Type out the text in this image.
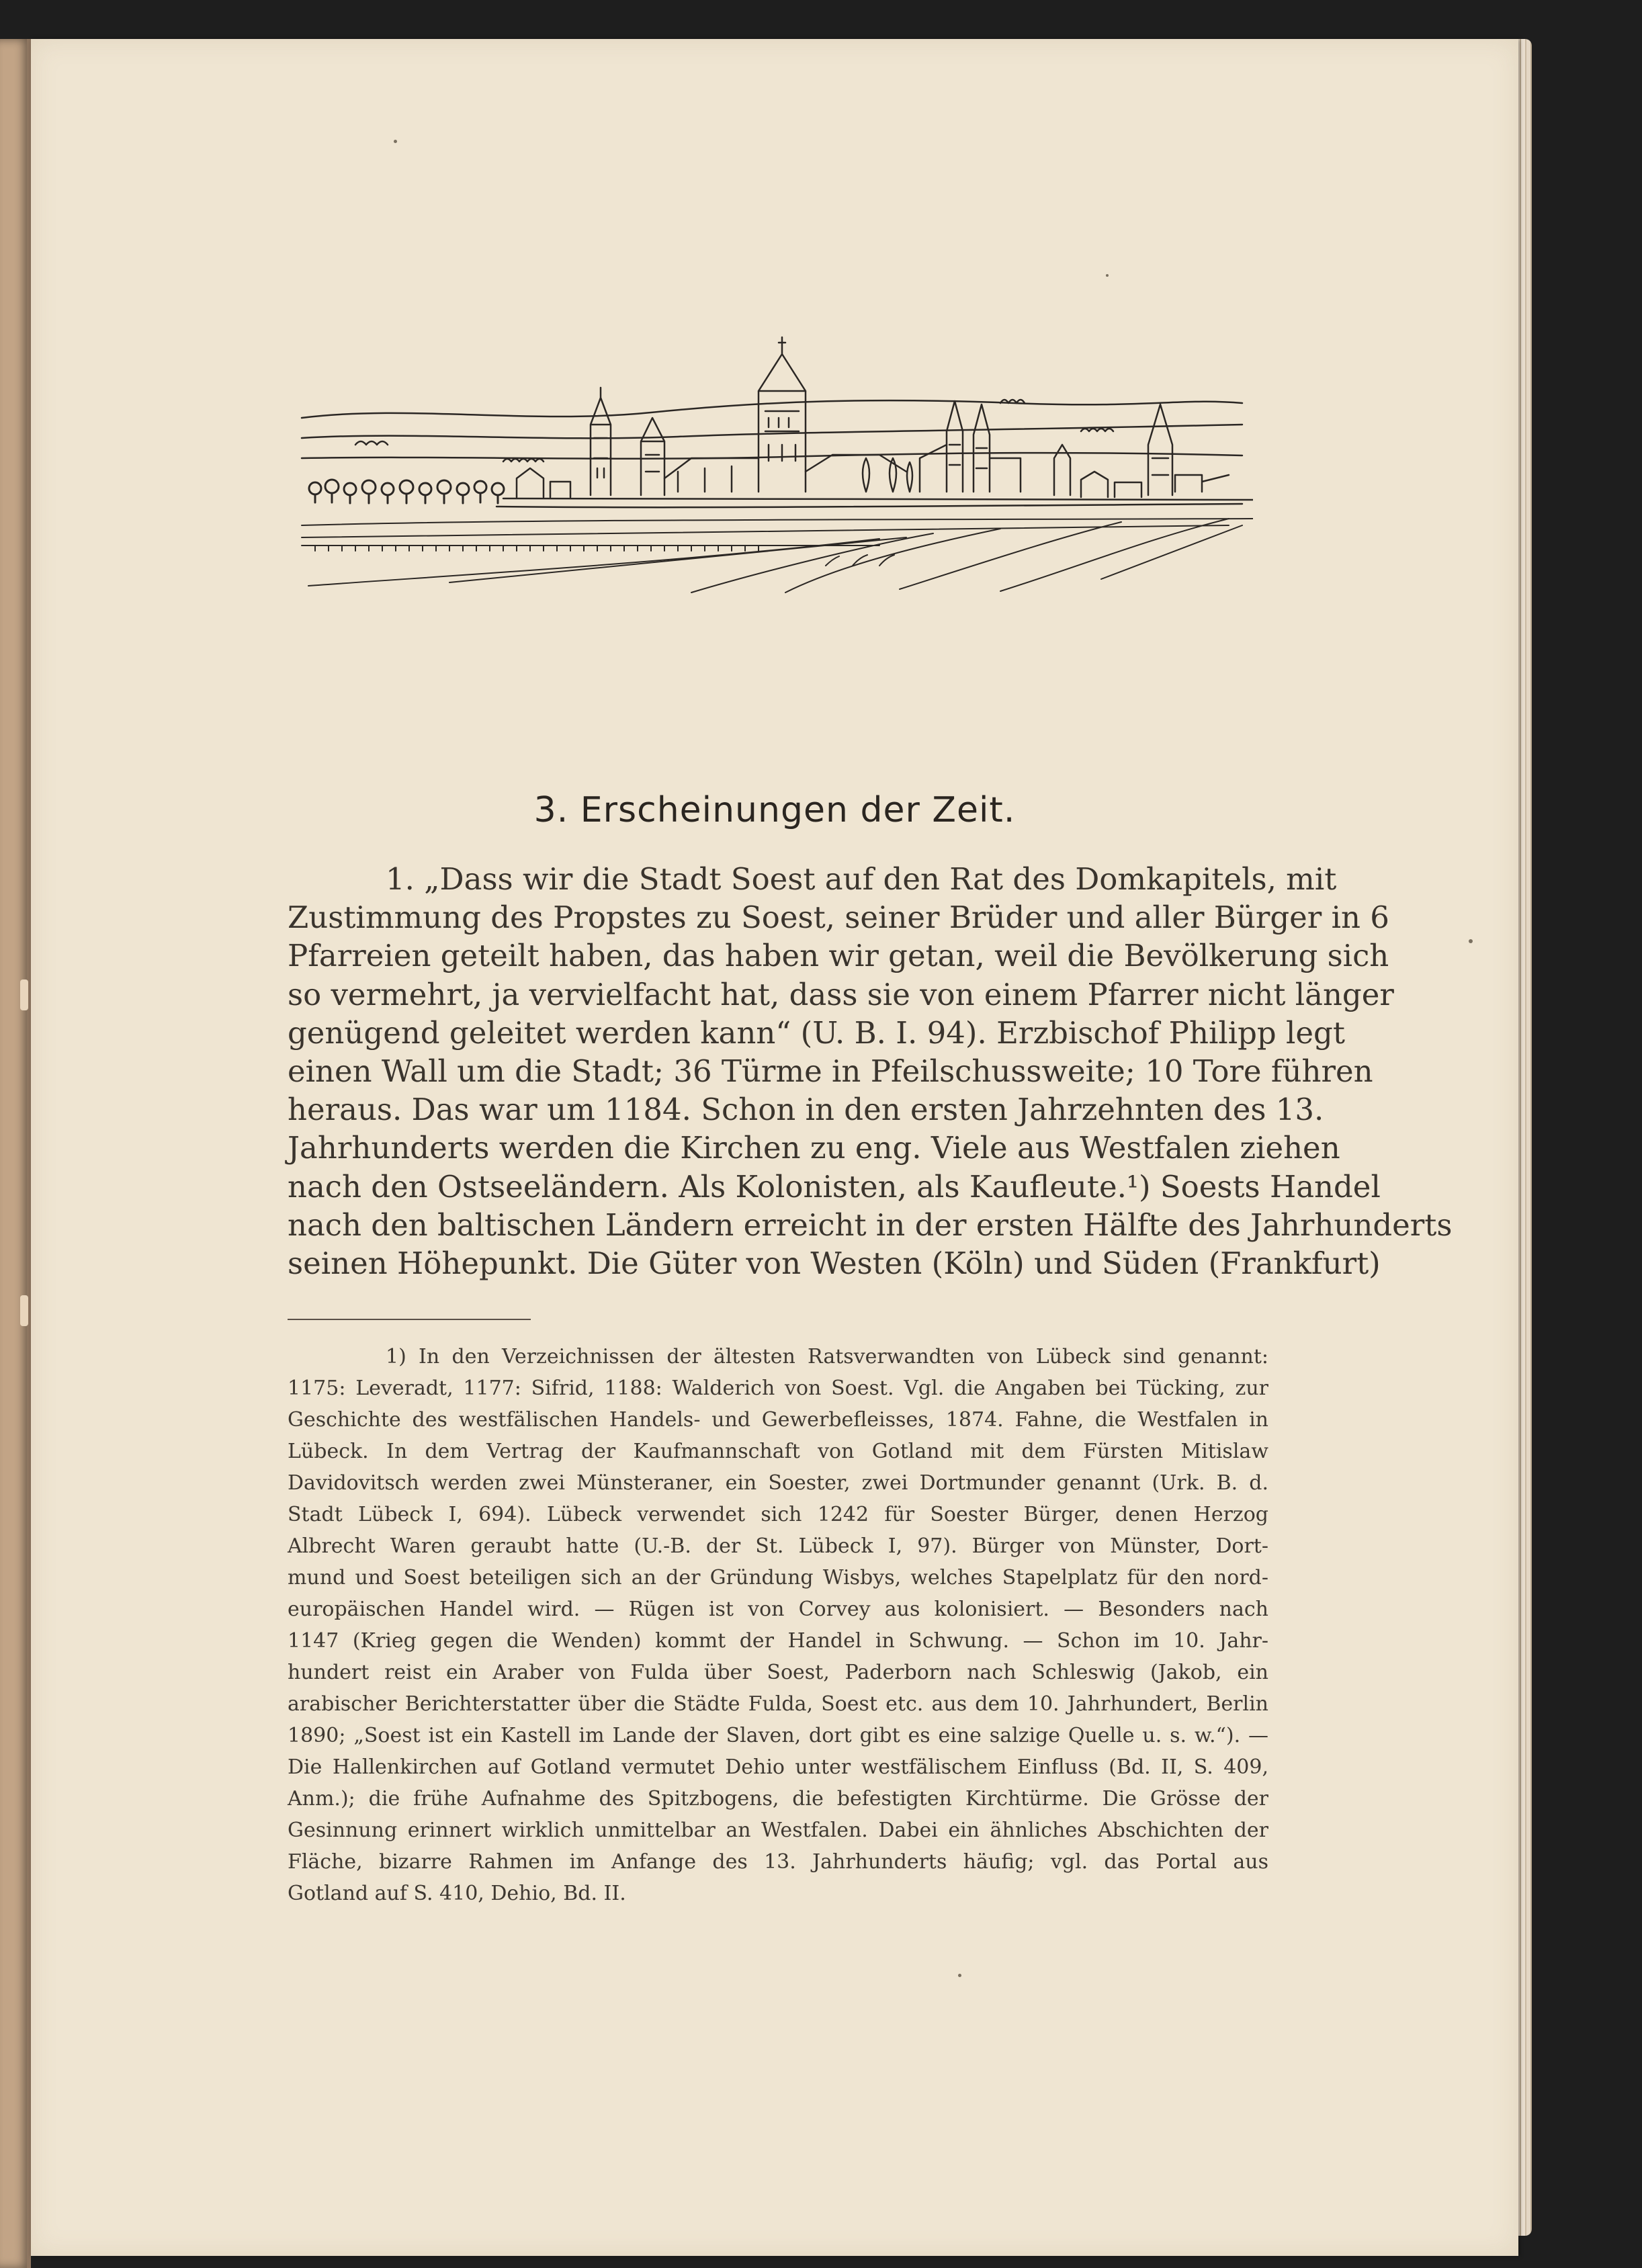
3. Erscheinungen der Zeit.
1. „Dass wir die Stadt Soest auf den Rat des Domkapitels, mit
Zustimmung des Propstes zu Soest, seiner Brüder und aller Bürger in 6
Pfarreien geteilt haben, das haben wir getan, weil die Bevölkerung sich
so vermehrt, ja vervielfacht hat, dass sie von einem Pfarrer nicht länger
genügend geleitet werden kann“ (U. B. I. 94). Erzbischof Philipp legt
einen Wall um die Stadt; 36 Türme in Pfeilschussweite; 10 Tore führen
heraus. Das war um 1184. Schon in den ersten Jahrzehnten des 13.
Jahrhunderts werden die Kirchen zu eng. Viele aus Westfalen ziehen
nach den Ostseeländern. Als Kolonisten, als Kaufleute.¹) Soests Handel
nach den baltischen Ländern erreicht in der ersten Hälfte des Jahrhunderts
seinen Höhepunkt. Die Güter von Westen (Köln) und Süden (Frankfurt)
1) In den Verzeichnissen der ältesten Ratsverwandten von Lübeck sind genannt:
1175: Leveradt, 1177: Sifrid, 1188: Walderich von Soest. Vgl. die Angaben bei Tücking, zur
Geschichte des westfälischen Handels- und Gewerbefleisses, 1874. Fahne, die Westfalen in
Lübeck. In dem Vertrag der Kaufmannschaft von Gotland mit dem Fürsten Mitislaw
Davidovitsch werden zwei Münsteraner, ein Soester, zwei Dortmunder genannt (Urk. B. d.
Stadt Lübeck I, 694). Lübeck verwendet sich 1242 für Soester Bürger, denen Herzog
Albrecht Waren geraubt hatte (U.-B. der St. Lübeck I, 97). Bürger von Münster, Dort-
mund und Soest beteiligen sich an der Gründung Wisbys, welches Stapelplatz für den nord-
europäischen Handel wird. — Rügen ist von Corvey aus kolonisiert. — Besonders nach
1147 (Krieg gegen die Wenden) kommt der Handel in Schwung. — Schon im 10. Jahr-
hundert reist ein Araber von Fulda über Soest, Paderborn nach Schleswig (Jakob, ein
arabischer Berichterstatter über die Städte Fulda, Soest etc. aus dem 10. Jahrhundert, Berlin
1890; „Soest ist ein Kastell im Lande der Slaven, dort gibt es eine salzige Quelle u. s. w.“). —
Die Hallenkirchen auf Gotland vermutet Dehio unter westfälischem Einfluss (Bd. II, S. 409,
Anm.); die frühe Aufnahme des Spitzbogens, die befestigten Kirchtürme. Die Grösse der
Gesinnung erinnert wirklich unmittelbar an Westfalen. Dabei ein ähnliches Abschichten der
Fläche, bizarre Rahmen im Anfange des 13. Jahrhunderts häufig; vgl. das Portal aus
Gotland auf S. 410, Dehio, Bd. II.
